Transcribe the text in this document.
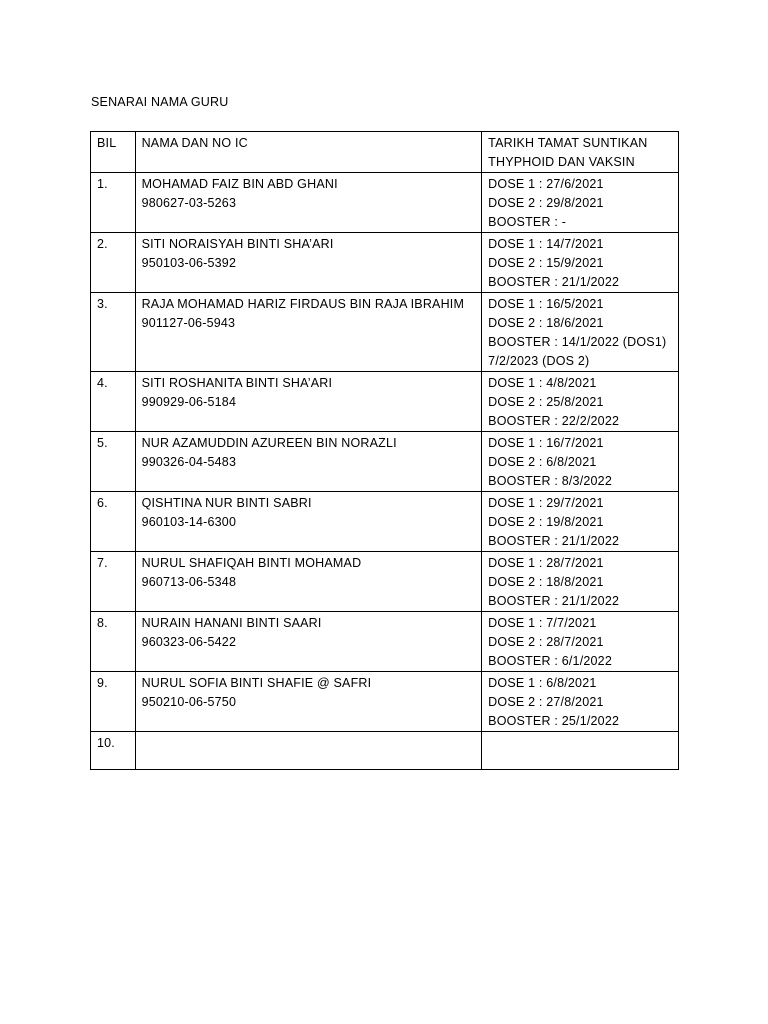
SENARAI NAMA GURU
BIL	NAMA DAN NO IC	TARIKH TAMAT SUNTIKAN
THYPHOID DAN VAKSIN

1.	MOHAMAD FAIZ BIN ABD GHANI
980627-03-5263	DOSE 1 : 27/6/2021
DOSE 2 : 29/8/2021
BOOSTER : -

2.	SITI NORAISYAH BINTI SHA’ARI
950103-06-5392	DOSE 1 : 14/7/2021
DOSE 2 : 15/9/2021
BOOSTER : 21/1/2022

3.	RAJA MOHAMAD HARIZ FIRDAUS BIN RAJA IBRAHIM
901127-06-5943	DOSE 1 : 16/5/2021
DOSE 2 : 18/6/2021
BOOSTER : 14/1/2022 (DOS1)
7/2/2023 (DOS 2)

4.	SITI ROSHANITA BINTI SHA’ARI
990929-06-5184	DOSE 1 : 4/8/2021
DOSE 2 : 25/8/2021
BOOSTER : 22/2/2022

5.	NUR AZAMUDDIN AZUREEN BIN NORAZLI
990326-04-5483	DOSE 1 : 16/7/2021
DOSE 2 : 6/8/2021
BOOSTER : 8/3/2022

6.	QISHTINA NUR BINTI SABRI
960103-14-6300	DOSE 1 : 29/7/2021
DOSE 2 : 19/8/2021
BOOSTER : 21/1/2022

7.	NURUL SHAFIQAH BINTI MOHAMAD
960713-06-5348	DOSE 1 : 28/7/2021
DOSE 2 : 18/8/2021
BOOSTER : 21/1/2022

8.	NURAIN HANANI BINTI SAARI
960323-06-5422	DOSE 1 : 7/7/2021
DOSE 2 : 28/7/2021
BOOSTER : 6/1/2022

9.	NURUL SOFIA BINTI SHAFIE @ SAFRI
950210-06-5750	DOSE 1 : 6/8/2021
DOSE 2 : 27/8/2021
BOOSTER : 25/1/2022

10.	
